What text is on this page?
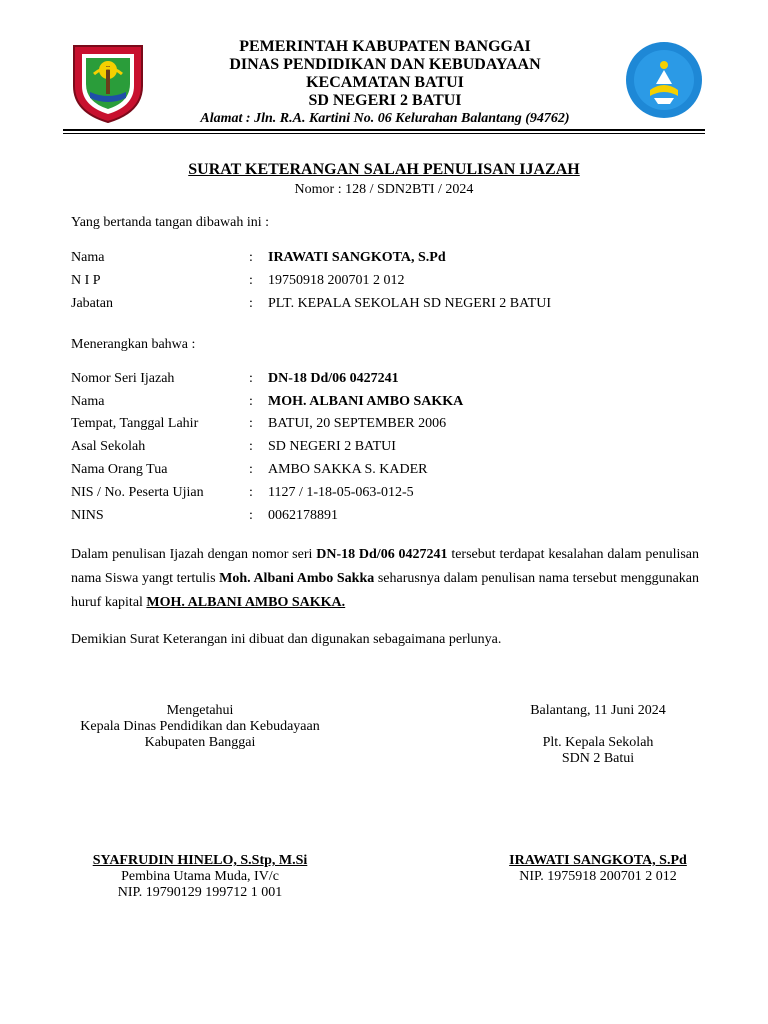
PEMERINTAH KABUPATEN BANGGAI
DINAS PENDIDIKAN DAN KEBUDAYAAN
KECAMATAN BATUI
SD NEGERI 2 BATUI
Alamat : Jln. R.A. Kartini No. 06 Kelurahan Balantang (94762)
SURAT KETERANGAN SALAH PENULISAN IJAZAH
Nomor : 128 / SDN2BTI / 2024
Yang bertanda tangan dibawah ini :
Nama	: IRAWATI SANGKOTA, S.Pd
N I P	: 19750918 200701 2 012
Jabatan	: PLT. KEPALA SEKOLAH SD NEGERI 2 BATUI
Menerangkan bahwa :
Nomor Seri Ijazah	: DN-18 Dd/06 0427241
Nama	: MOH. ALBANI AMBO SAKKA
Tempat, Tanggal Lahir	: BATUI, 20 SEPTEMBER 2006
Asal Sekolah	: SD NEGERI 2 BATUI
Nama Orang Tua	: AMBO SAKKA S. KADER
NIS / No. Peserta Ujian	: 1127 / 1-18-05-063-012-5
NINS	: 0062178891
Dalam penulisan Ijazah dengan nomor seri DN-18 Dd/06 0427241 tersebut terdapat kesalahan dalam penulisan nama Siswa yangt tertulis Moh. Albani Ambo Sakka seharusnya dalam penulisan nama tersebut menggunakan huruf kapital MOH. ALBANI AMBO SAKKA.
Demikian Surat Keterangan ini dibuat dan digunakan sebagaimana perlunya.
Mengetahui
Kepala Dinas Pendidikan dan Kebudayaan
Kabupaten Banggai
SYAFRUDIN HINELO, S.Stp, M.Si
Pembina Utama Muda, IV/c
NIP. 19790129 199712 1 001
Balantang, 11 Juni 2024
Plt. Kepala Sekolah
SDN 2 Batui
IRAWATI SANGKOTA, S.Pd
NIP. 1975918 200701 2 012
